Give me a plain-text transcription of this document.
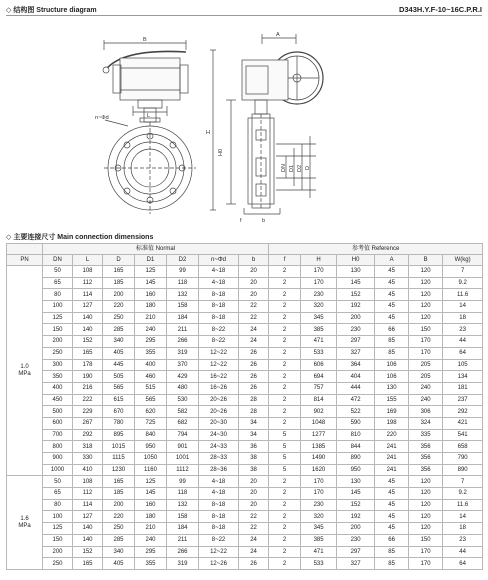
◇ 结构图 Structure diagram	D343H.Y.F-10~16C.P.R.I
B
L
n~Φd
H
A
H0
DN D1 D2 D
f	b
◇ 主要连接尺寸 Main connection dimensions
	标准值 Normal							参考值 Reference					
PN	DN	L	D	D1	D2	n~Φd	b	f	H	H0	A	B	W(kg)
1.0
MPa	50	108	165	125	99	4~18	20	2	170	130	45	120	7
	65	112	185	145	118	4~18	20	2	170	145	45	120	9.2
	80	114	200	160	132	8~18	20	2	230	152	45	120	11.6
	100	127	220	180	158	8~18	22	2	320	192	45	120	14
	125	140	250	210	184	8~18	22	2	345	200	45	120	18
	150	140	285	240	211	8~22	24	2	385	230	66	150	23
	200	152	340	295	266	8~22	24	2	471	297	85	170	44
	250	165	405	355	319	12~22	26	2	533	327	85	170	64
	300	178	445	400	370	12~22	26	2	606	364	106	205	105
	350	190	505	460	429	16~22	26	2	694	404	106	205	134
	400	216	565	515	480	16~26	26	2	757	444	130	240	181
	450	222	615	565	530	20~26	28	2	814	472	155	240	237
	500	229	670	620	582	20~26	28	2	902	522	169	306	292
	600	267	780	725	682	20~30	34	2	1048	590	198	324	421
	700	292	895	840	794	24~30	34	5	1277	810	220	335	541
	800	318	1015	950	901	24~33	36	5	1385	844	241	356	658
	900	330	1115	1050	1001	28~33	38	5	1490	890	241	356	790
	1000	410	1230	1160	1112	28~36	38	5	1620	950	241	356	890
1.6
MPa	50	108	165	125	99	4~18	20	2	170	130	45	120	7
	65	112	185	145	118	4~18	20	2	170	145	45	120	9.2
	80	114	200	160	132	8~18	20	2	230	152	45	120	11.6
	100	127	220	180	158	8~18	22	2	320	192	45	120	14
	125	140	250	210	184	8~18	22	2	345	200	45	120	18
	150	140	285	240	211	8~22	24	2	385	230	66	150	23
	200	152	340	295	266	12~22	24	2	471	297	85	170	44
	250	165	405	355	319	12~26	26	2	533	327	85	170	64
